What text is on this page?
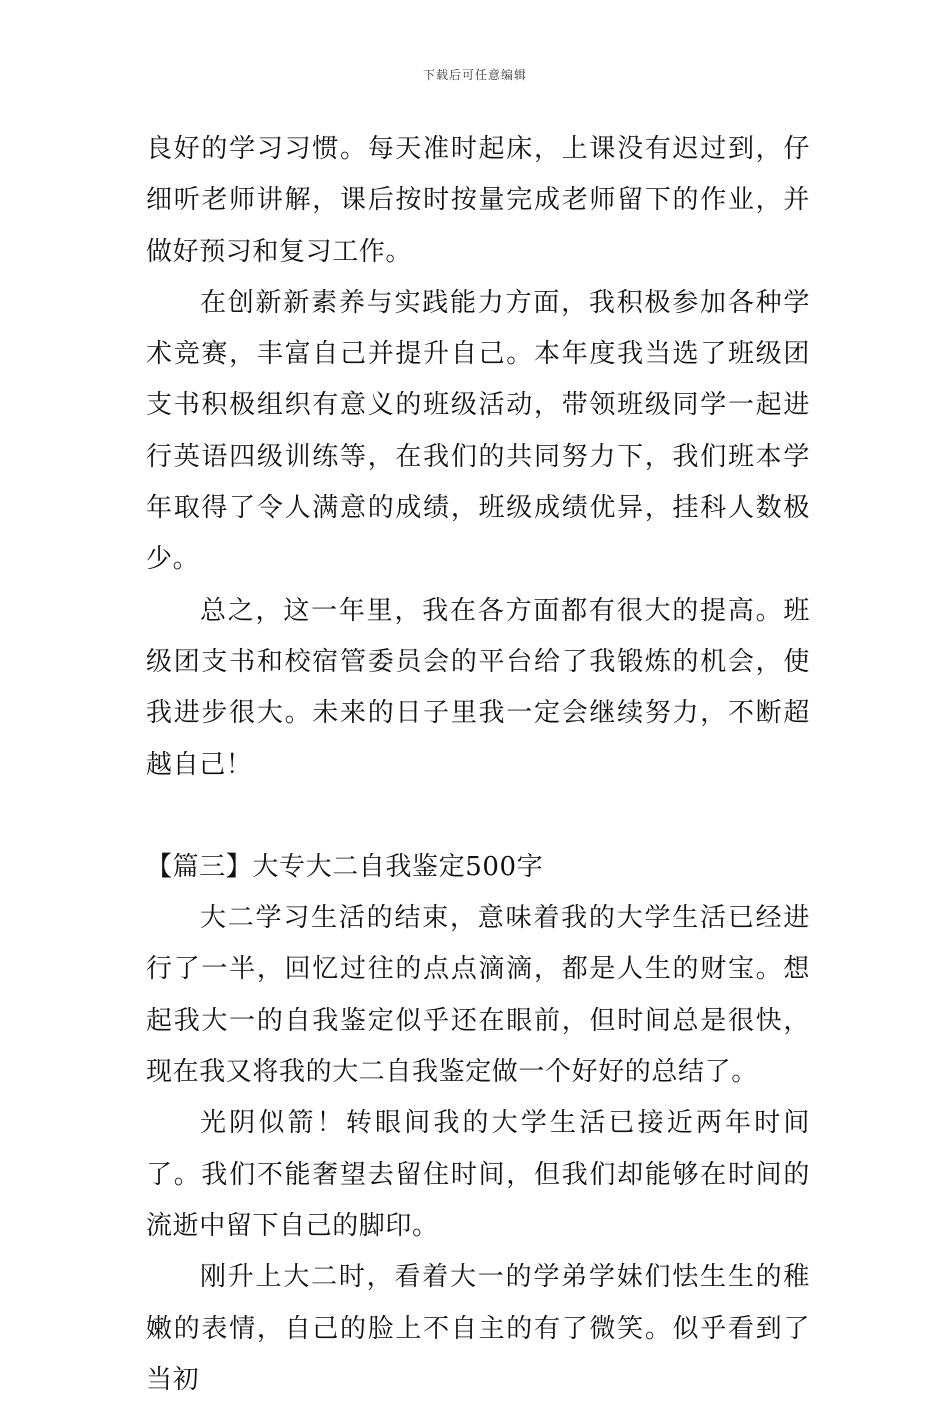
下载后可任意编辑

良好的学习习惯。每天准时起床，上课没有迟过到，仔细听老师讲解，课后按时按量完成老师留下的作业，并做好预习和复习工作。

在创新新素养与实践能力方面，我积极参加各种学术竞赛，丰富自己并提升自己。本年度我当选了班级团支书积极组织有意义的班级活动，带领班级同学一起进行英语四级训练等，在我们的共同努力下，我们班本学年取得了令人满意的成绩，班级成绩优异，挂科人数极少。

总之，这一年里，我在各方面都有很大的提高。班级团支书和校宿管委员会的平台给了我锻炼的机会，使我进步很大。未来的日子里我一定会继续努力，不断超越自己！

【篇三】大专大二自我鉴定500字

大二学习生活的结束，意味着我的大学生活已经进行了一半，回忆过往的点点滴滴，都是人生的财宝。想起我大一的自我鉴定似乎还在眼前，但时间总是很快，现在我又将我的大二自我鉴定做一个好好的总结了。

光阴似箭！转眼间我的大学生活已接近两年时间了。我们不能奢望去留住时间，但我们却能够在时间的流逝中留下自己的脚印。

刚升上大二时，看着大一的学弟学妹们怯生生的稚嫩的表情，自己的脸上不自主的有了微笑。似乎看到了当初
